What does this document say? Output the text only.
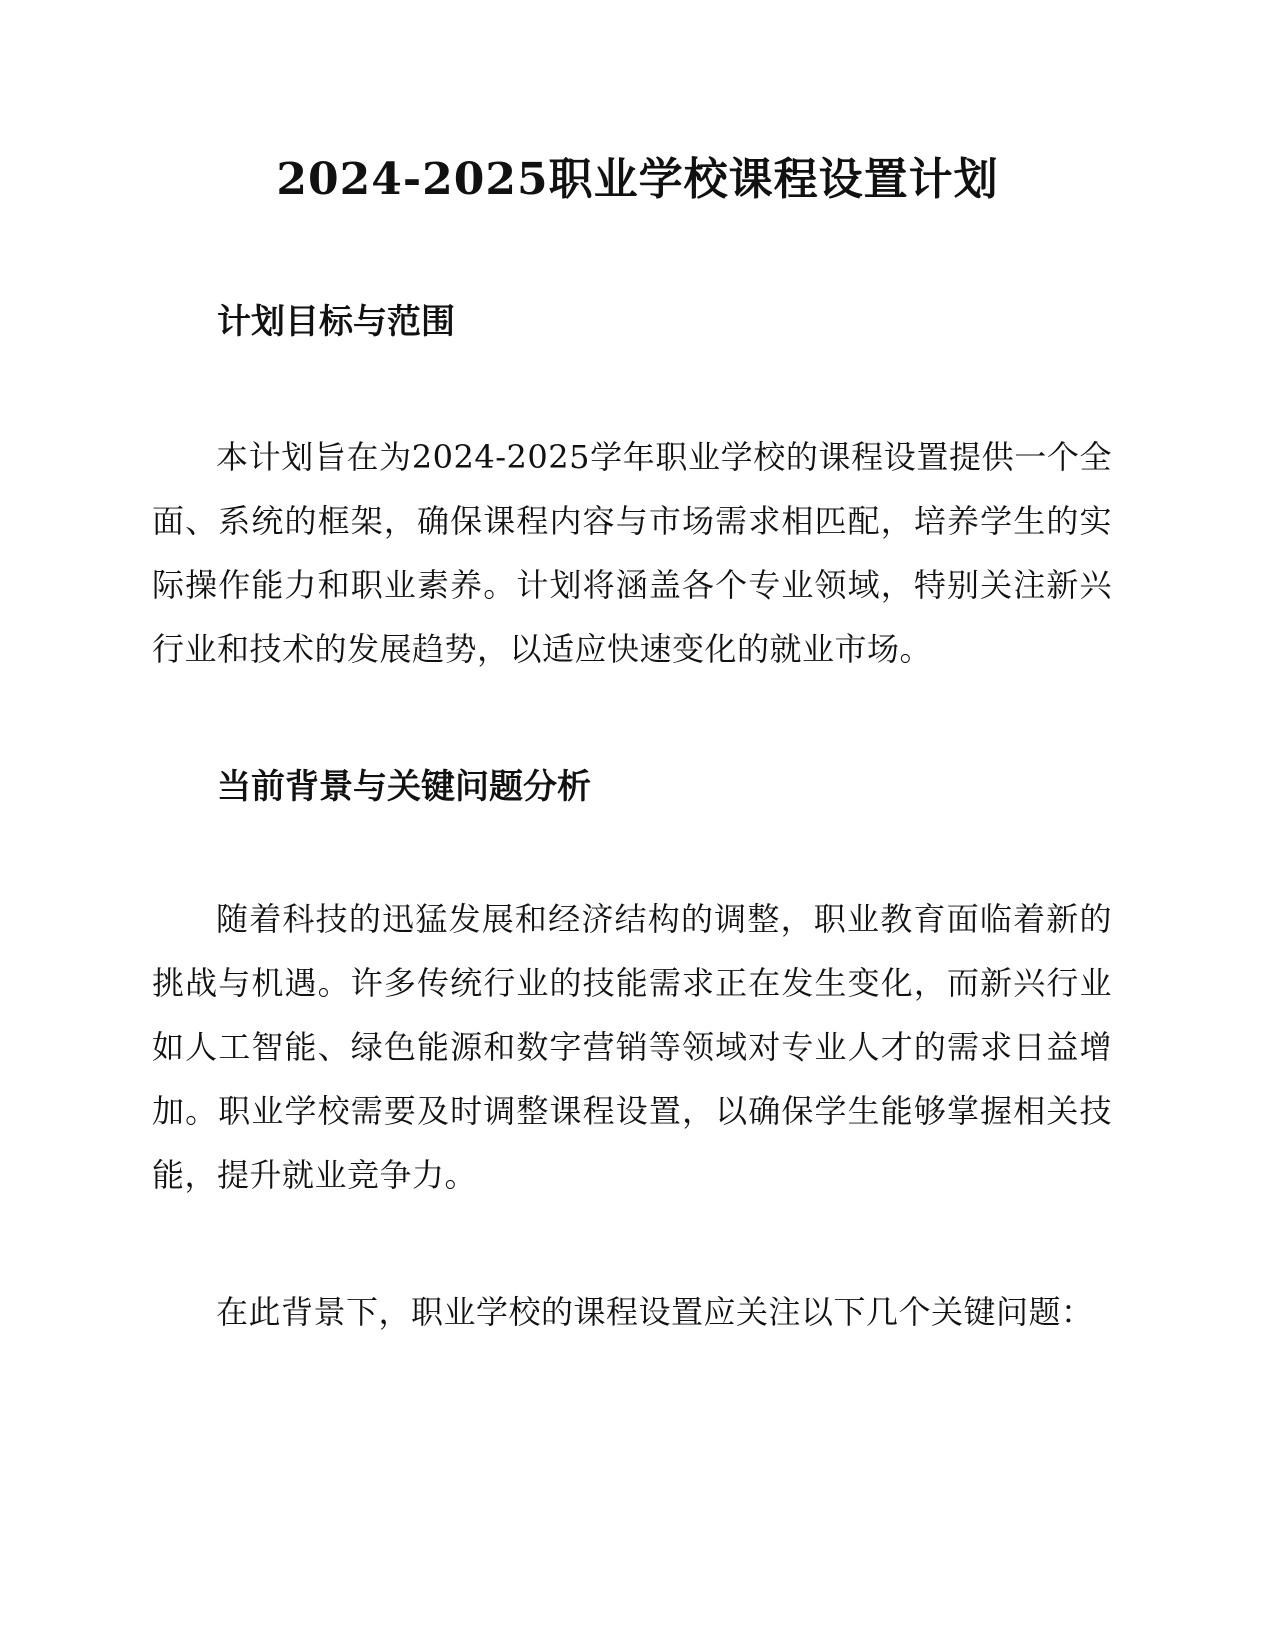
2024-2025职业学校课程设置计划
计划目标与范围

本计划旨在为2024-2025学年职业学校的课程设置提供一个全面、系统的框架，确保课程内容与市场需求相匹配，培养学生的实际操作能力和职业素养。计划将涵盖各个专业领域，特别关注新兴行业和技术的发展趋势，以适应快速变化的就业市场。

当前背景与关键问题分析

随着科技的迅猛发展和经济结构的调整，职业教育面临着新的挑战与机遇。许多传统行业的技能需求正在发生变化，而新兴行业如人工智能、绿色能源和数字营销等领域对专业人才的需求日益增加。职业学校需要及时调整课程设置，以确保学生能够掌握相关技能，提升就业竞争力。

在此背景下，职业学校的课程设置应关注以下几个关键问题：
